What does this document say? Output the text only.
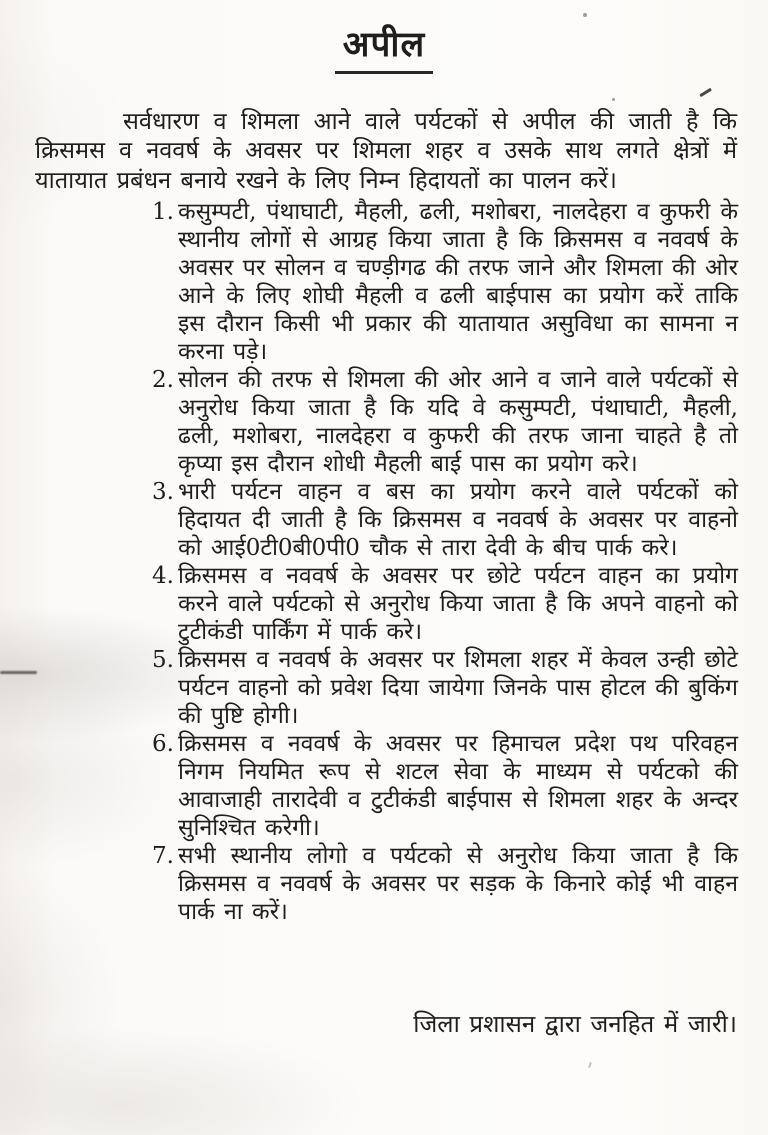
अपील

सर्वधारण व शिमला आने वाले पर्यटकों से अपील की जाती है कि क्रिसमस व नववर्ष के अवसर पर शिमला शहर व उसके साथ लगते क्षेत्रों में यातायात प्रबंधन बनाये रखने के लिए निम्न हिदायतों का पालन करें।

1. कसुम्पटी, पंथाघाटी, मैहली, ढली, मशोबरा, नालदेहरा व कुफरी के स्थानीय लोगों से आग्रह किया जाता है कि क्रिसमस व नववर्ष के अवसर पर सोलन व चण्ड़ीगढ की तरफ जाने और शिमला की ओर आने के लिए शोघी मैहली व ढली बाईपास का प्रयोग करें ताकि इस दौरान किसी भी प्रकार की यातायात असुविधा का सामना न करना पड़े।
2. सोलन की तरफ से शिमला की ओर आने व जाने वाले पर्यटकों से अनुरोध किया जाता है कि यदि वे कसुम्पटी, पंथाघाटी, मैहली, ढली, मशोबरा, नालदेहरा व कुफरी की तरफ जाना चाहते है तो कृप्या इस दौरान शोधी मैहली बाई पास का प्रयोग करे।
3. भारी पर्यटन वाहन व बस का प्रयोग करने वाले पर्यटकों को हिदायत दी जाती है कि क्रिसमस व नववर्ष के अवसर पर वाहनो को आई0टी0बी0पी0 चौक से तारा देवी के बीच पार्क करे।
4. क्रिसमस व नववर्ष के अवसर पर छोटे पर्यटन वाहन का प्रयोग करने वाले पर्यटको से अनुरोध किया जाता है कि अपने वाहनो को टुटीकंडी पार्किंग में पार्क करे।
5. क्रिसमस व नववर्ष के अवसर पर शिमला शहर में केवल उन्ही छोटे पर्यटन वाहनो को प्रवेश दिया जायेगा जिनके पास होटल की बुकिंग की पुष्टि होगी।
6. क्रिसमस व नववर्ष के अवसर पर हिमाचल प्रदेश पथ परिवहन निगम नियमित रूप से शटल सेवा के माध्यम से पर्यटको की आवाजाही तारादेवी व टुटीकंडी बाईपास से शिमला शहर के अन्दर सुनिश्चित करेगी।
7. सभी स्थानीय लोगो व पर्यटको से अनुरोध किया जाता है कि क्रिसमस व नववर्ष के अवसर पर सड़क के किनारे कोई भी वाहन पार्क ना करें।
जिला प्रशासन द्वारा जनहित में जारी।
